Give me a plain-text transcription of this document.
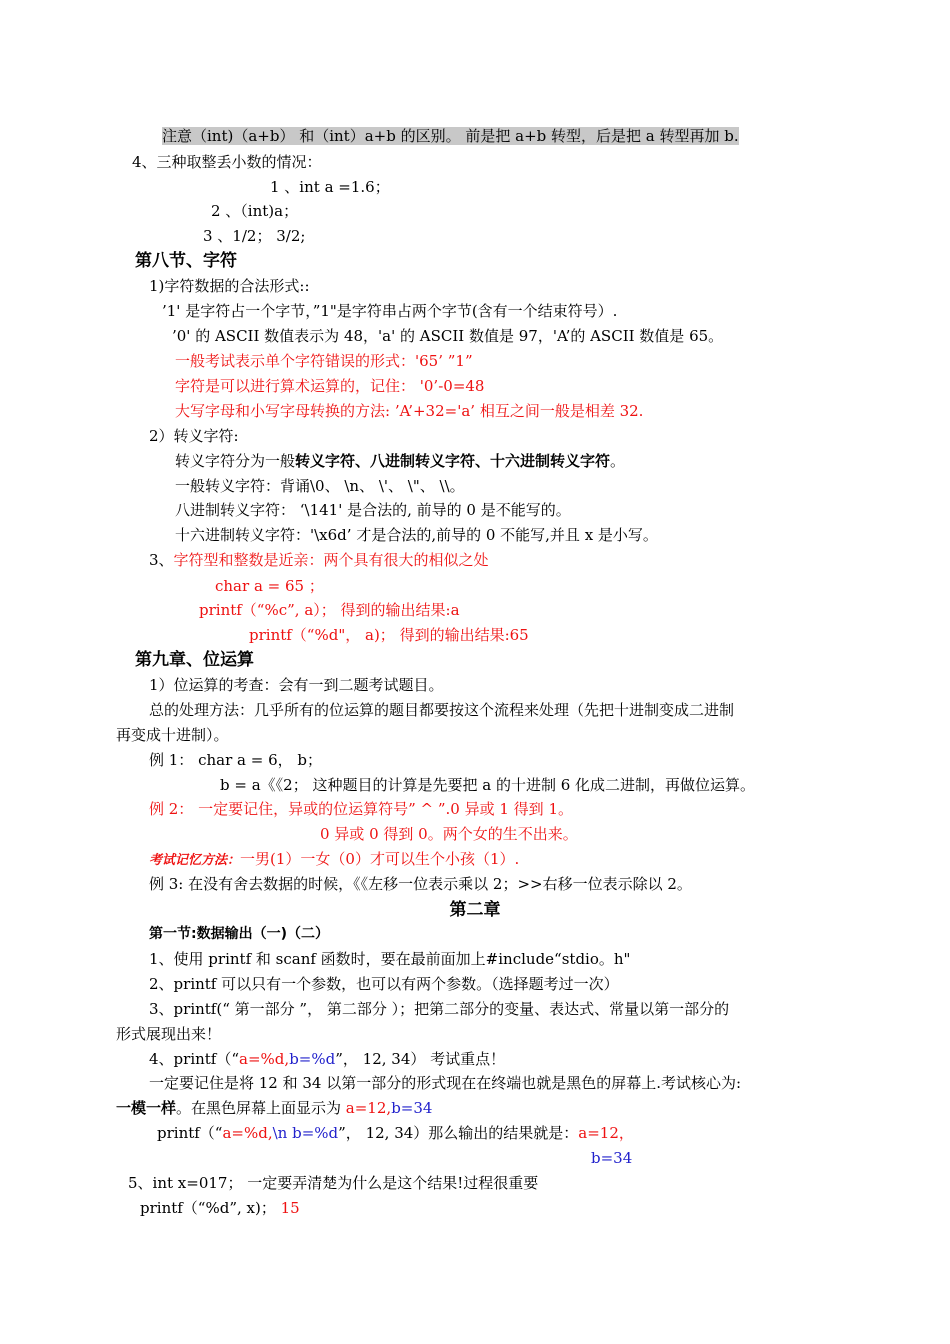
注意（int)（a+b） 和（int）a+b 的区别。 前是把 a+b 转型，后是把 a 转型再加 b.
4、三种取整丢小数的情况：
1 、int a =1.6；
2 、（int)a；
3 、1/2； 3/2;
第八节、字符
1)字符数据的合法形式::
’1' 是字符占一个字节，”1"是字符串占两个字节(含有一个结束符号）.
’0' 的 ASCII 数值表示为 48，'a' 的 ASCII 数值是 97，'A’的 ASCII 数值是 65。
一般考试表示单个字符错误的形式：'65’ ”1”
字符是可以进行算术运算的，记住： '0’-0=48
大写字母和小写字母转换的方法: ’A’+32='a’ 相互之间一般是相差 32.
2）转义字符:
转义字符分为一般转义字符、八进制转义字符、十六进制转义字符。
一般转义字符：背诵\0、 \n、 \'、 \"、 \\。
八进制转义字符： ‘\141' 是合法的, 前导的 0 是不能写的。
十六进制转义字符：'\x6d’ 才是合法的,前导的 0 不能写,并且 x 是小写。
3、字符型和整数是近亲：两个具有很大的相似之处
char a = 65 ；
printf（“%c”, a）； 得到的输出结果:a
printf（“%d"， a)； 得到的输出结果:65
第九章、位运算
1）位运算的考查：会有一到二题考试题目。
总的处理方法：几乎所有的位运算的题目都要按这个流程来处理（先把十进制变成二进制
再变成十进制）。
例 1： char a = 6， b；
b = a《《2； 这种题目的计算是先要把 a 的十进制 6 化成二进制，再做位运算。
例 2： 一定要记住，异或的位运算符号” ^ ”.0 异或 1 得到 1。
0 异或 0 得到 0。两个女的生不出来。
考试记忆方法：一男(1）一女（0）才可以生个小孩（1）.
例 3: 在没有舍去数据的时候，《《左移一位表示乘以 2；>>右移一位表示除以 2。
第二章
第一节:数据输出（一)（二）
1、使用 printf 和 scanf 函数时，要在最前面加上#include“stdio。h"
2、printf 可以只有一个参数，也可以有两个参数。（选择题考过一次）
3、printf(“ 第一部分 ”， 第二部分 ）；把第二部分的变量、表达式、常量以第一部分的
形式展现出来！
4、printf（“a=%d,b=%d”， 12, 34） 考试重点！
一定要记住是将 12 和 34 以第一部分的形式现在在终端也就是黑色的屏幕上.考试核心为:
一模一样。在黑色屏幕上面显示为 a=12,b=34
printf（“a=%d,\n b=%d”， 12, 34）那么输出的结果就是：a=12，
b=34
5、int x=017； 一定要弄清楚为什么是这个结果!过程很重要
printf（“%d”, x)； 15
